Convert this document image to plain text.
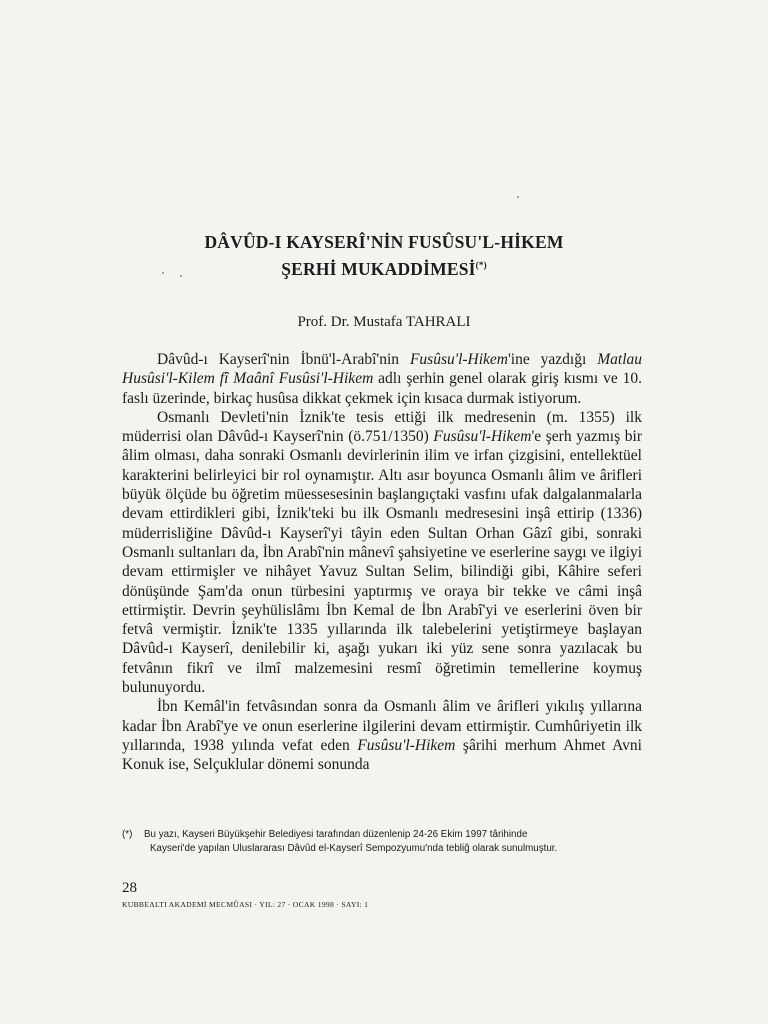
DÂVÛD-I KAYSERÎ'NİN FUSÛSU'L-HİKEM
ŞERHİ MUKADDİMESİ(*)
Prof. Dr. Mustafa TAHRALI

Dâvûd-ı Kayserî'nin İbnü'l-Arabî'nin Fusûsu'l-Hikem'ine yazdığı Matlau Husûsi'l-Kilem fî Maânî Fusûsi'l-Hikem adlı şerhin genel olarak giriş kısmı ve 10. faslı üzerinde, birkaç husûsa dikkat çekmek için kısaca durmak istiyorum.

Osmanlı Devleti'nin İznik'te tesis ettiği ilk medresenin (m. 1355) ilk müderrisi olan Dâvûd-ı Kayserî'nin (ö.751/1350) Fusûsu'l-Hikem'e şerh yazmış bir âlim olması, daha sonraki Osmanlı devirlerinin ilim ve irfan çizgisini, entellektüel karakterini belirleyici bir rol oynamıştır. Altı asır boyunca Osmanlı âlim ve ârifleri büyük ölçüde bu öğretim müessesesinin başlangıçtaki vasfını ufak dalgalanmalarla devam ettirdikleri gibi, İznik'teki bu ilk Osmanlı medresesini inşâ ettirip (1336) müderrisliğine Dâvûd-ı Kayserî'yi tâyin eden Sultan Orhan Gâzî gibi, sonraki Osmanlı sultanları da, İbn Arabî'nin mânevî şahsiyetine ve eserlerine saygı ve ilgiyi devam ettirmişler ve nihâyet Yavuz Sultan Selim, bilindiği gibi, Kâhire seferi dönüşünde Şam'da onun türbesini yaptırmış ve oraya bir tekke ve câmi inşâ ettirmiştir. Devrin şeyhülislâmı İbn Kemal de İbn Arabî'yi ve eserlerini öven bir fetvâ vermiştir. İznik'te 1335 yıllarında ilk talebelerini yetiştirmeye başlayan Dâvûd-ı Kayserî, denilebilir ki, aşağı yukarı iki yüz sene sonra yazılacak bu fetvânın fikrî ve ilmî malzemesini resmî öğretimin temellerine koymuş bulunuyordu.

İbn Kemâl'in fetvâsından sonra da Osmanlı âlim ve ârifleri yıkılış yıllarına kadar İbn Arabî'ye ve onun eserlerine ilgilerini devam ettirmiştir. Cumhûriyetin ilk yıllarında, 1938 yılında vefat eden Fusûsu'l-Hikem şârihi merhum Ahmet Avni Konuk ise, Selçuklular dönemi sonunda

(*) Bu yazı, Kayseri Büyükşehir Belediyesi tarafından düzenlenip 24-26 Ekim 1997 târihinde
Kayseri'de yapılan Uluslararası Dâvûd el-Kayserî Sempozyumu'nda tebliğ olarak sunulmuştur.
28
KUBBEALTI AKADEMİ MECMÛASI · YIL: 27 · OCAK 1998 · SAYI: 1
